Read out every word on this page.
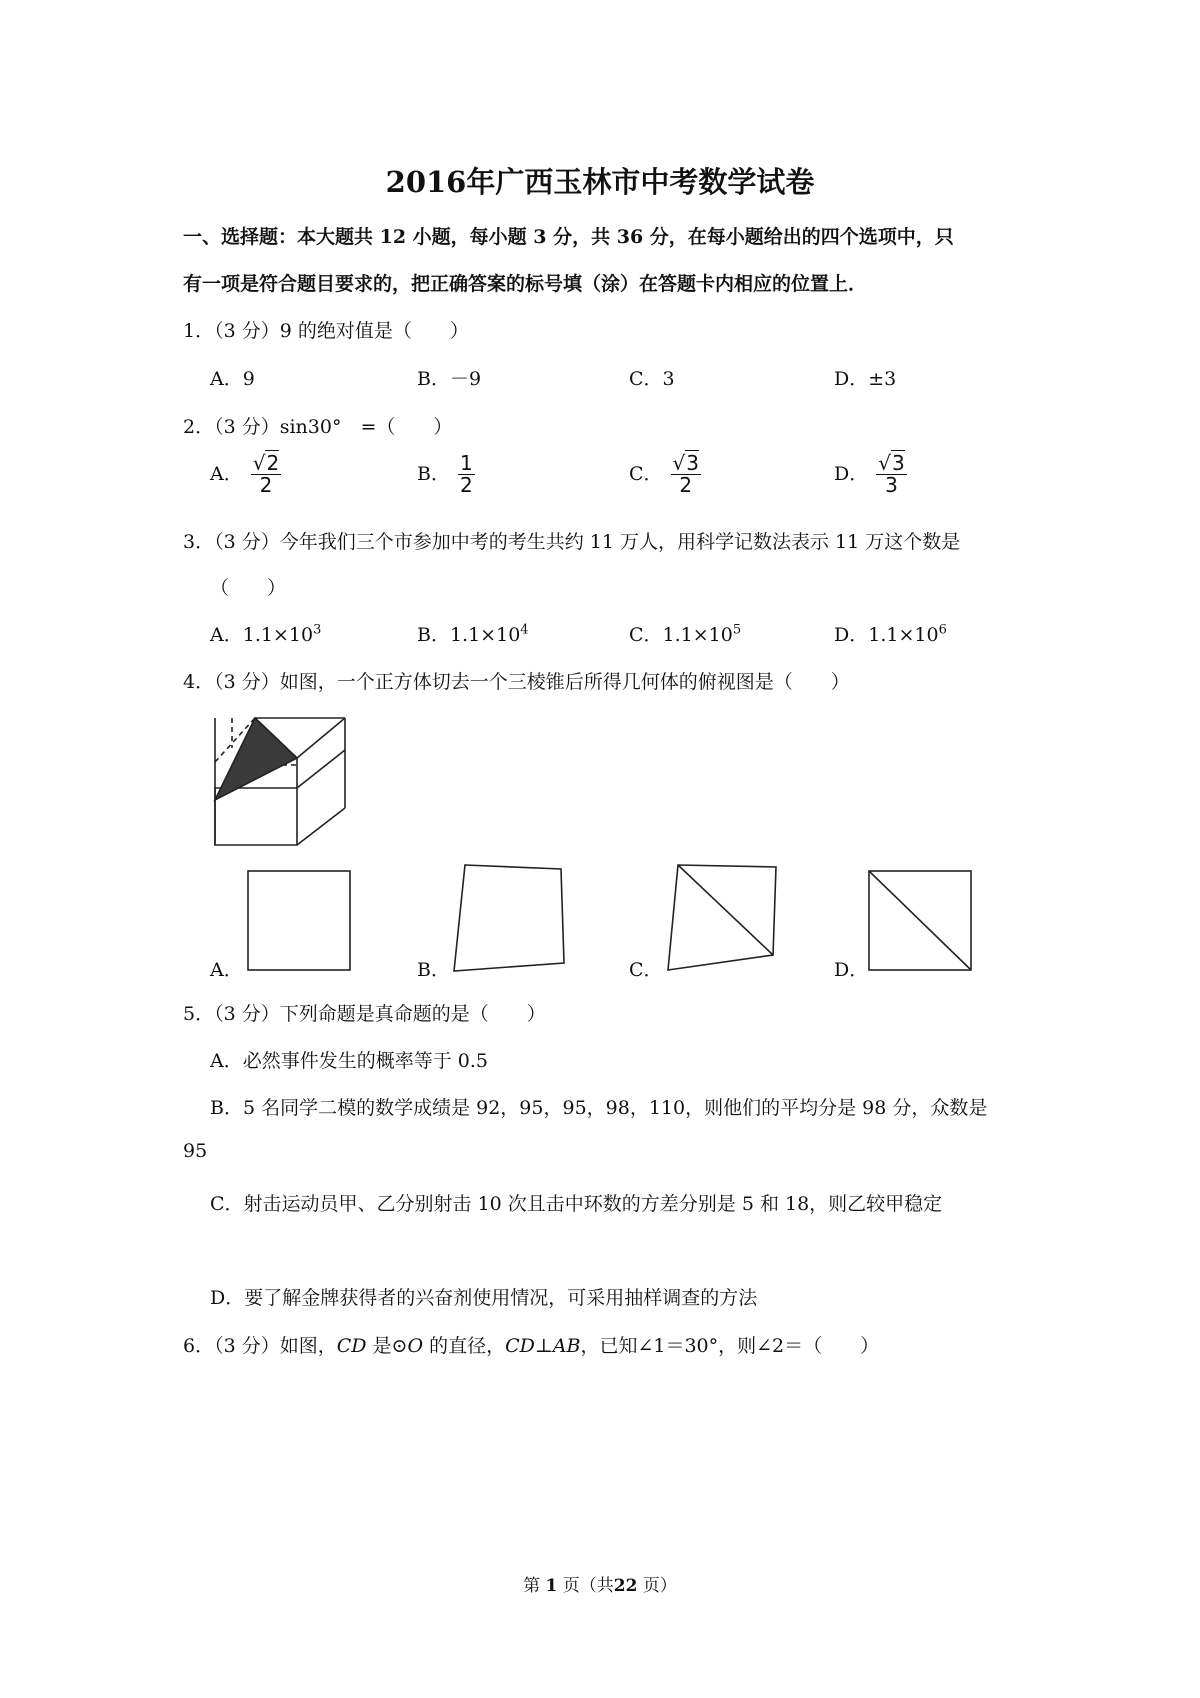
2016年广西玉林市中考数学试卷
一、选择题：本大题共 12 小题，每小题 3 分，共 36 分，在每小题给出的四个选项中，只
有一项是符合题目要求的，把正确答案的标号填（涂）在答题卡内相应的位置上．
1．（3 分）9 的绝对值是（　　）
A．9	B．－9	C．3	D．±3
2．（3 分）sin30°　=（　　）
A． $\frac{√2}{2}$	B． $\frac{1}{2}$	C． $\frac{√3}{2}$	D． $\frac{√3}{3}$
3．（3 分）今年我们三个市参加中考的考生共约 11 万人，用科学记数法表示 11 万这个数是
（　　）
A．$1.1\times 10^3$	B．$1.1\times 10^4$	C．$1.1\times 10^5$	D．$1.1\times 10^6$
4．（3 分）如图，一个正方体切去一个三棱锥后所得几何体的俯视图是（　　）
A．	B．	C．	D．
5．（3 分）下列命题是真命题的是（　　）
A．必然事件发生的概率等于 0.5
B．5 名同学二模的数学成绩是 92，95，95，98，110，则他们的平均分是 98 分，众数是
95
C．射击运动员甲、乙分别射击 10 次且击中环数的方差分别是 5 和 18，则乙较甲稳定
D．要了解金牌获得者的兴奋剂使用情况，可采用抽样调查的方法
6．（3 分）如图，CD 是⊙O 的直径，CD⊥AB，已知∠1＝30°，则∠2＝（　　）
第 1 页（共22 页）
